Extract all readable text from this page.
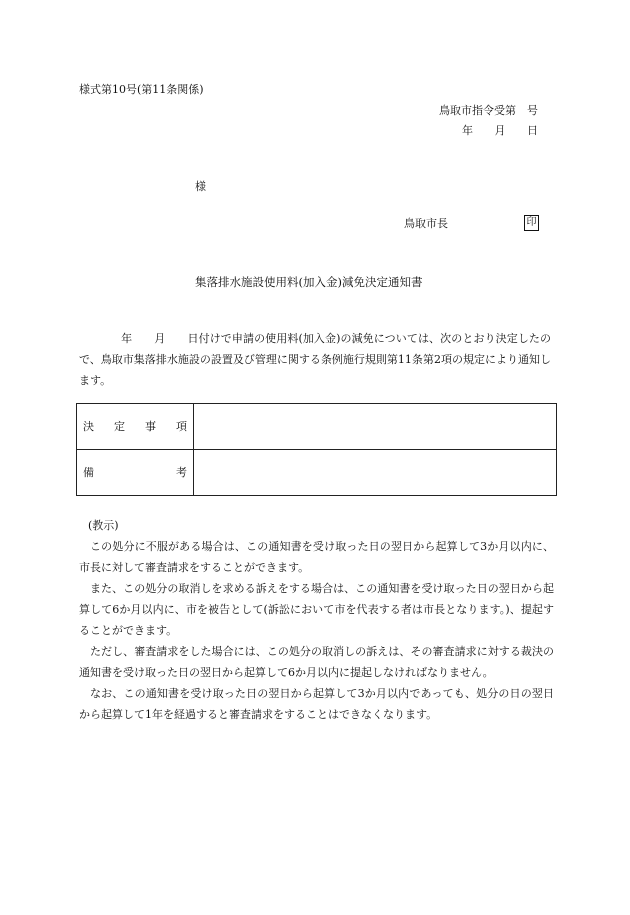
様式第10号(第11条関係)
鳥取市指令受第　号
年 月 日
様
鳥取市長	印
集落排水施設使用料(加入金)減免決定通知書
年 月 日付けで申請の使用料(加入金)の減免については、次のとおり決定したので、鳥取市集落排水施設の設置及び管理に関する条例施行規則第11条第2項の規定により通知します。
決 定 事 項	

備 考	

(教示)

この処分に不服がある場合は、この通知書を受け取った日の翌日から起算して3か月以内に、市長に対して審査請求をすることができます。

また、この処分の取消しを求める訴えをする場合は、この通知書を受け取った日の翌日から起算して6か月以内に、市を被告として(訴訟において市を代表する者は市長となります。)、提起することができます。

ただし、審査請求をした場合には、この処分の取消しの訴えは、その審査請求に対する裁決の通知書を受け取った日の翌日から起算して6か月以内に提起しなければなりません。

なお、この通知書を受け取った日の翌日から起算して3か月以内であっても、処分の日の翌日から起算して1年を経過すると審査請求をすることはできなくなります。
